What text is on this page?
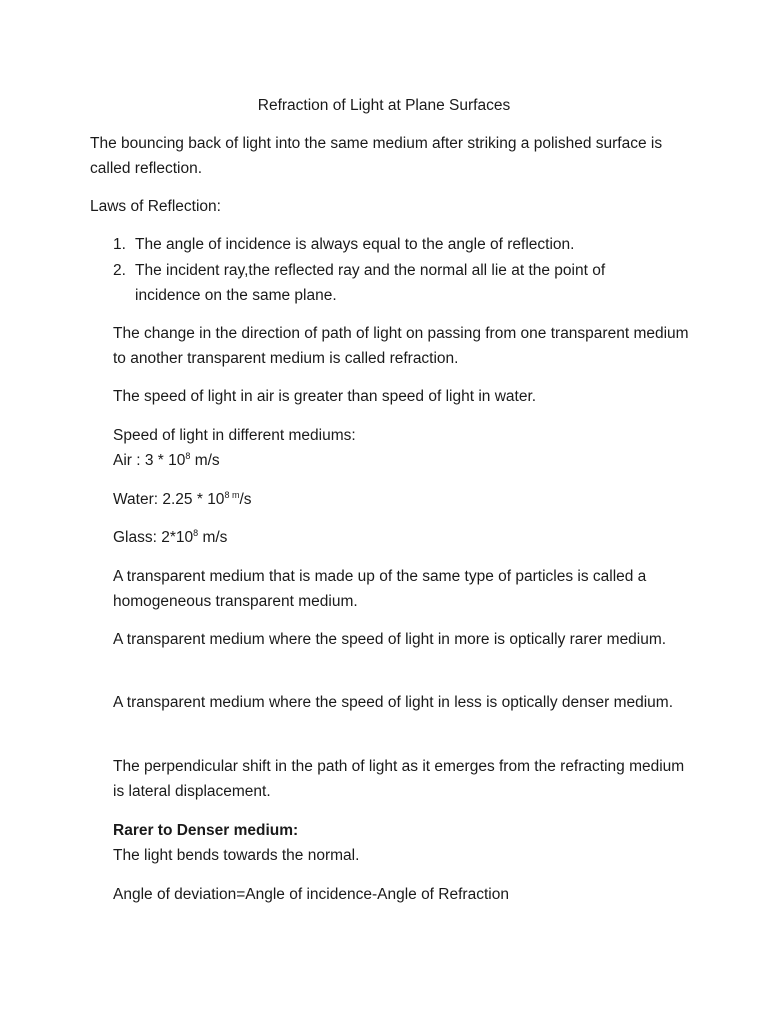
Refraction of Light at Plane Surfaces

The bouncing back of light into the same medium after striking a polished surface is called reflection.

Laws of Reflection:

1. The angle of incidence is always equal to the angle of reflection.
2. The incident ray,the reflected ray and the normal all lie at the point of incidence on the same plane.

The change in the direction of path of light on passing from one transparent medium to another transparent medium is called refraction.

The speed of light in air is greater than speed of light in water.

Speed of light in different mediums:

Air : $3 * 10^8$ m/s

Water: $2.25 * 10^{8 m}/s$

Glass: $2*10^8$ m/s

A transparent medium that is made up of the same type of particles is called a homogeneous transparent medium.

A transparent medium where the speed of light in more is optically rarer medium.

A transparent medium where the speed of light in less is optically denser medium.

The perpendicular shift in the path of light as it emerges from the refracting medium is lateral displacement.

Rarer to Denser medium:

The light bends towards the normal.

Angle of deviation=Angle of incidence-Angle of Refraction
